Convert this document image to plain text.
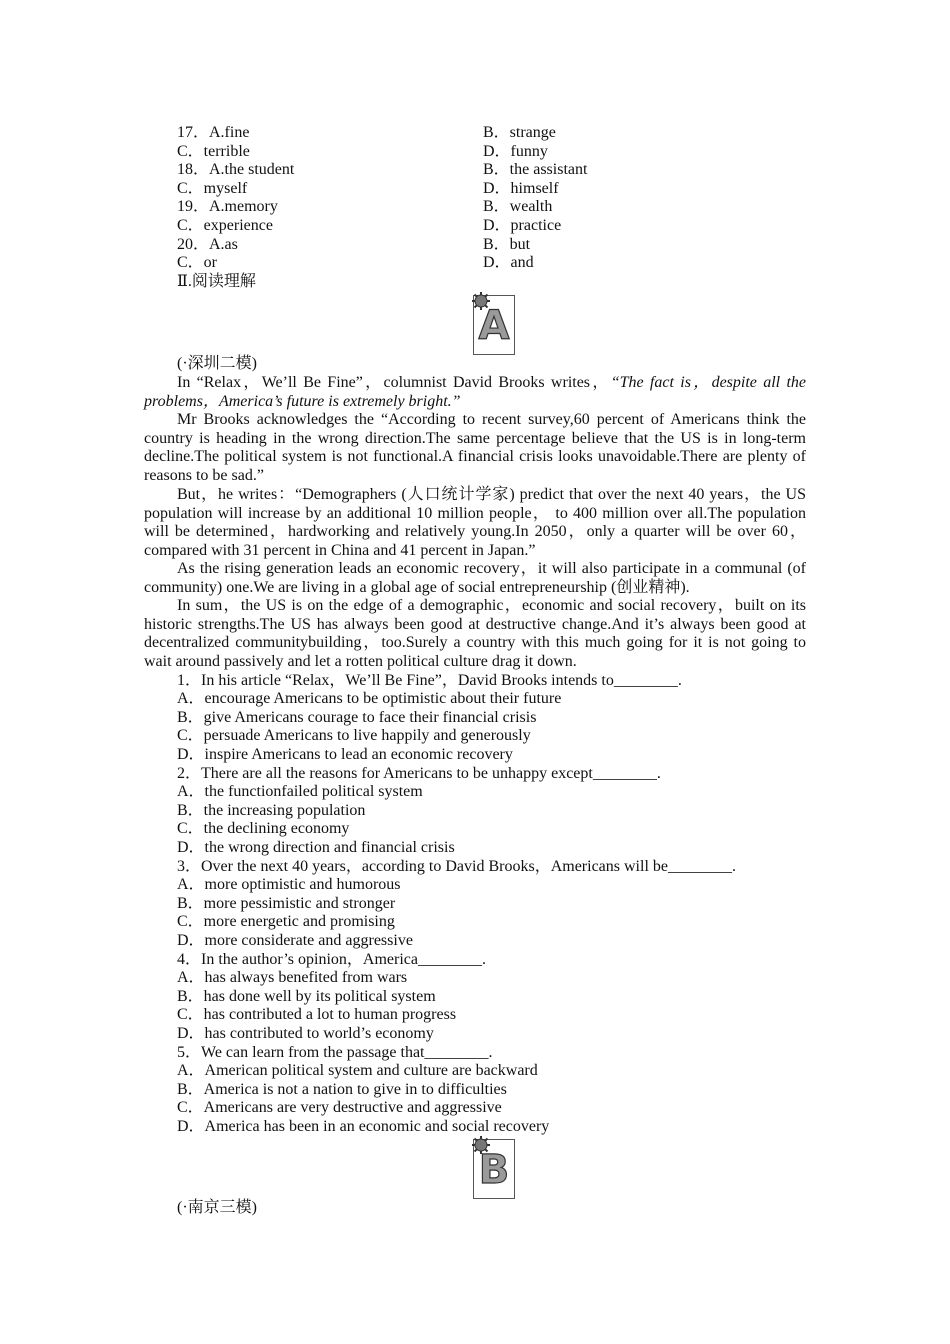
17．A.fine	B．strange
C．terrible	D．funny
18．A.the student	B．the assistant
C．myself	D．himself
19．A.memory	B．wealth
C．experience	D．practice
20．A.as	B．but
C．or	D．and
Ⅱ.阅读理解
A
(·深圳二模)
In “Relax，We’ll Be Fine”，columnist David Brooks writes，“The fact is，despite all the problems，America’s future is extremely bright.”
Mr Brooks acknowledges the “According to recent survey,60 percent of Americans think the country is heading in the wrong direction.The same percentage believe that the US is in long-term decline.The political system is not functional.A financial crisis looks unavoidable.There are plenty of reasons to be sad.”
But，he writes：“Demographers (人口统计学家) predict that over the next 40 years，the US population will increase by an additional 10 million people， to 400 million over all.The population will be determined，hardworking and relatively young.In 2050，only a quarter will be over 60，compared with 31 percent in China and 41 percent in Japan.”
As the rising generation leads an economic recovery，it will also participate in a communal (of community) one.We are living in a global age of social entrepreneurship (创业精神).
In sum，the US is on the edge of a demographic，economic and social recovery，built on its historic strengths.The US has always been good at destructive change.And it’s always been good at decentralized communitybuilding，too.Surely a country with this much going for it is not going to wait around passively and let a rotten political culture drag it down.
1．In his article “Relax，We’ll Be Fine”，David Brooks intends to________.
A．encourage Americans to be optimistic about their future
B．give Americans courage to face their financial crisis
C．persuade Americans to live happily and generously
D．inspire Americans to lead an economic recovery
2．There are all the reasons for Americans to be unhappy except________.
A．the functionfailed political system
B．the increasing population
C．the declining economy
D．the wrong direction and financial crisis
3．Over the next 40 years，according to David Brooks，Americans will be________.
A．more optimistic and humorous
B．more pessimistic and stronger
C．more energetic and promising
D．more considerate and aggressive
4．In the author’s opinion，America________.
A．has always benefited from wars
B．has done well by its political system
C．has contributed a lot to human progress
D．has contributed to world’s economy
5．We can learn from the passage that________.
A．American political system and culture are backward
B．America is not a nation to give in to difficulties
C．Americans are very destructive and aggressive
D．America has been in an economic and social recovery
B
(·南京三模)
